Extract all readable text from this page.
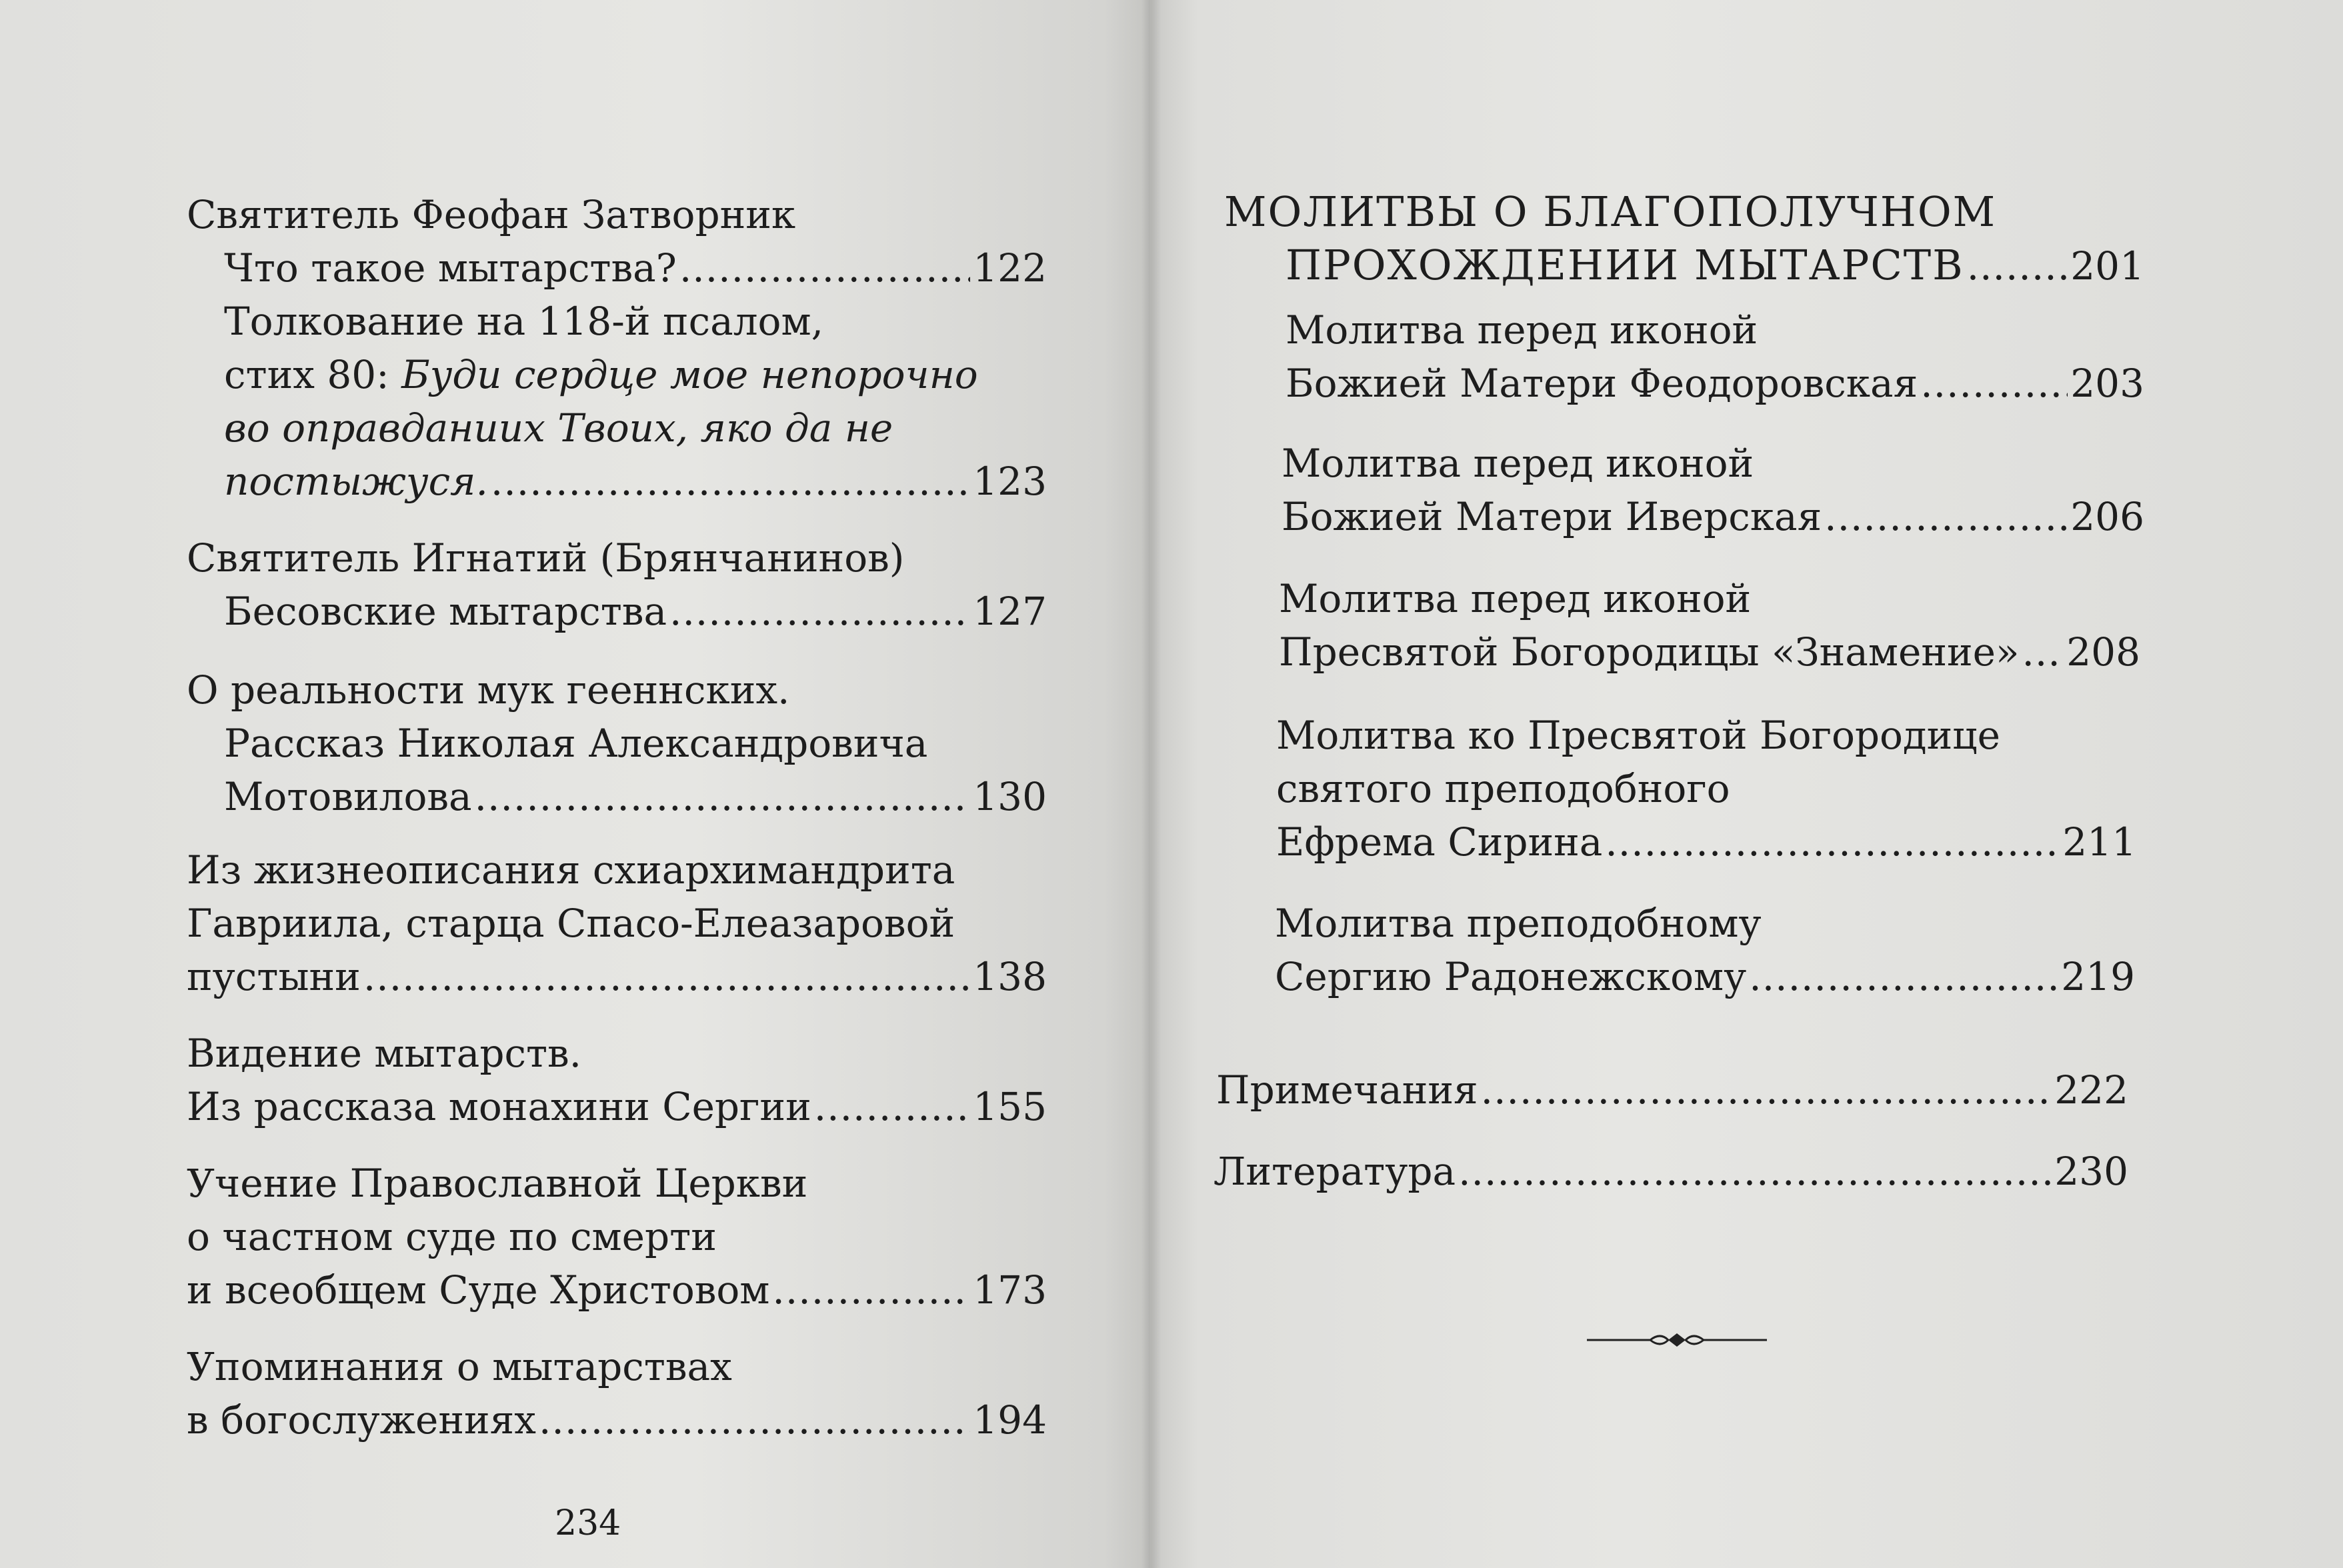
Святитель Феофан Затворник
Что такое мытарства? .....	122
Толкование на 118-й псалом,
стих 80: Буди сердце мое непорочно
во оправданиих Твоих, яко да не
постыжуся. .....	123
Святитель Игнатий (Брянчанинов)
Бесовские мытарства .....	127
О реальности мук гееннских.
Рассказ Николая Александровича
Мотовилова .....	130
Из жизнеописания схиархимандрита
Гавриила, старца Спасо-Елеазаровой
пустыни .....	138
Видение мытарств.
Из рассказа монахини Сергии .....	155
Учение Православной Церкви
о частном суде по смерти
и всеобщем Суде Христовом .....	173
Упоминания о мытарствах
в богослужениях .....	194
234
МОЛИТВЫ О БЛАГОПОЛУЧНОМ
ПРОХОЖДЕНИИ МЫТАРСТВ .....	201
Молитва перед иконой
Божией Матери Феодоровская .....	203
Молитва перед иконой
Божией Матери Иверская .....	206
Молитва перед иконой
Пресвятой Богородицы «Знамение» ..... 208
Молитва ко Пресвятой Богородице
святого преподобного
Ефрема Сирина .....	211
Молитва преподобному
Сергию Радонежскому .....	219
Примечания .....	222
Литература .....	230
